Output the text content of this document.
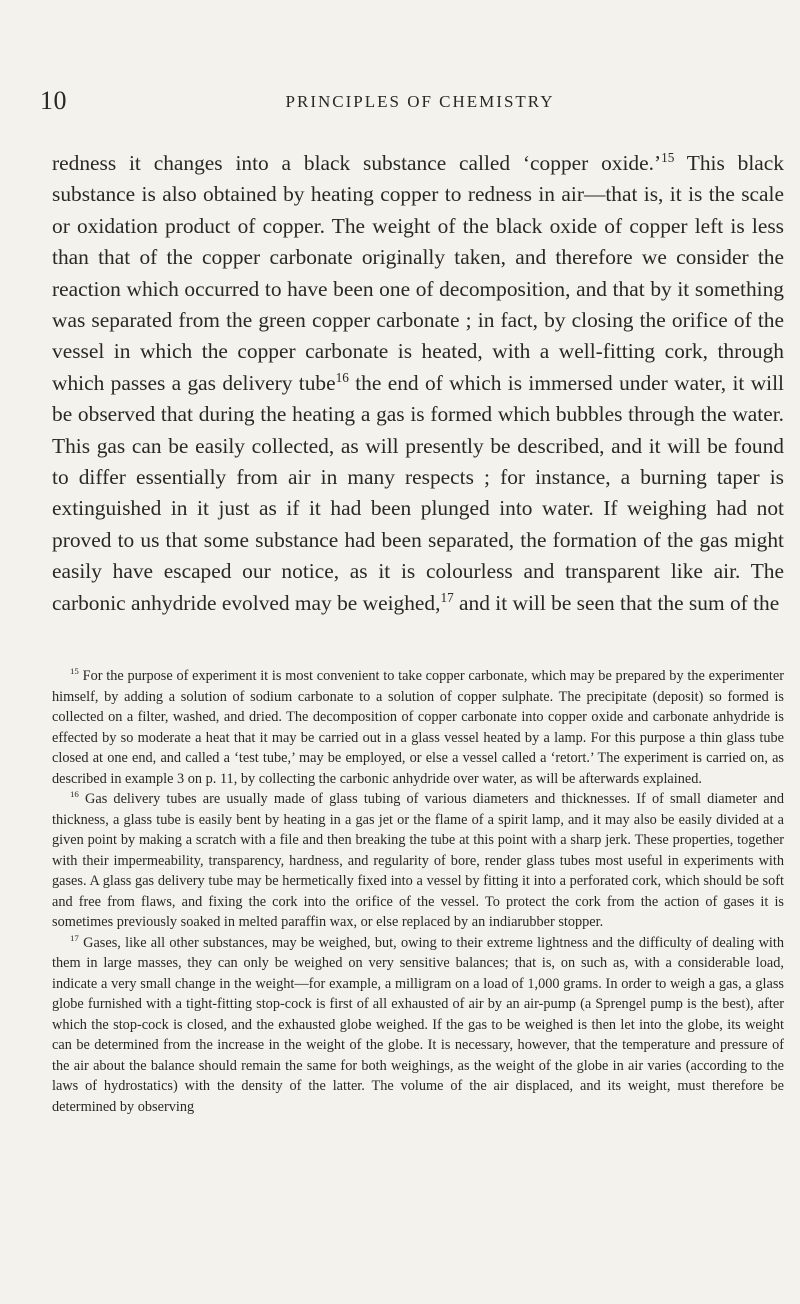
10	PRINCIPLES OF CHEMISTRY

redness it changes into a black substance called ‘copper oxide.’$^{15}$ This black substance is also obtained by heating copper to redness in air—that is, it is the scale or oxidation product of copper. The weight of the black oxide of copper left is less than that of the copper carbonate originally taken, and therefore we consider the reaction which occurred to have been one of decomposition, and that by it something was separated from the green copper carbonate ; in fact, by closing the orifice of the vessel in which the copper carbonate is heated, with a well-fitting cork, through which passes a gas delivery tube$^{16}$ the end of which is immersed under water, it will be observed that during the heating a gas is formed which bubbles through the water. This gas can be easily collected, as will presently be described, and it will be found to differ essentially from air in many respects ; for instance, a burning taper is extinguished in it just as if it had been plunged into water. If weighing had not proved to us that some substance had been separated, the formation of the gas might easily have escaped our notice, as it is colourless and transparent like air. The carbonic anhydride evolved may be weighed,$^{17}$ and it will be seen that the sum of the

$^{15}$ For the purpose of experiment it is most convenient to take copper carbonate, which may be prepared by the experimenter himself, by adding a solution of sodium carbonate to a solution of copper sulphate. The precipitate (deposit) so formed is collected on a filter, washed, and dried. The decomposition of copper carbonate into copper oxide and carbonate anhydride is effected by so moderate a heat that it may be carried out in a glass vessel heated by a lamp. For this purpose a thin glass tube closed at one end, and called a ‘test tube,’ may be employed, or else a vessel called a ‘retort.’ The experiment is carried on, as described in example 3 on p. 11, by collecting the carbonic anhydride over water, as will be afterwards explained.

$^{16}$ Gas delivery tubes are usually made of glass tubing of various diameters and thicknesses. If of small diameter and thickness, a glass tube is easily bent by heating in a gas jet or the flame of a spirit lamp, and it may also be easily divided at a given point by making a scratch with a file and then breaking the tube at this point with a sharp jerk. These properties, together with their impermeability, transparency, hardness, and regularity of bore, render glass tubes most useful in experiments with gases. A glass gas delivery tube may be hermetically fixed into a vessel by fitting it into a perforated cork, which should be soft and free from flaws, and fixing the cork into the orifice of the vessel. To protect the cork from the action of gases it is sometimes previously soaked in melted paraffin wax, or else replaced by an indiarubber stopper.

$^{17}$ Gases, like all other substances, may be weighed, but, owing to their extreme lightness and the difficulty of dealing with them in large masses, they can only be weighed on very sensitive balances; that is, on such as, with a considerable load, indicate a very small change in the weight—for example, a milligram on a load of 1,000 grams. In order to weigh a gas, a glass globe furnished with a tight-fitting stop-cock is first of all exhausted of air by an air-pump (a Sprengel pump is the best), after which the stop-cock is closed, and the exhausted globe weighed. If the gas to be weighed is then let into the globe, its weight can be determined from the increase in the weight of the globe. It is necessary, however, that the temperature and pressure of the air about the balance should remain the same for both weighings, as the weight of the globe in air varies (according to the laws of hydrostatics) with the density of the latter. The volume of the air displaced, and its weight, must therefore be determined by observing
